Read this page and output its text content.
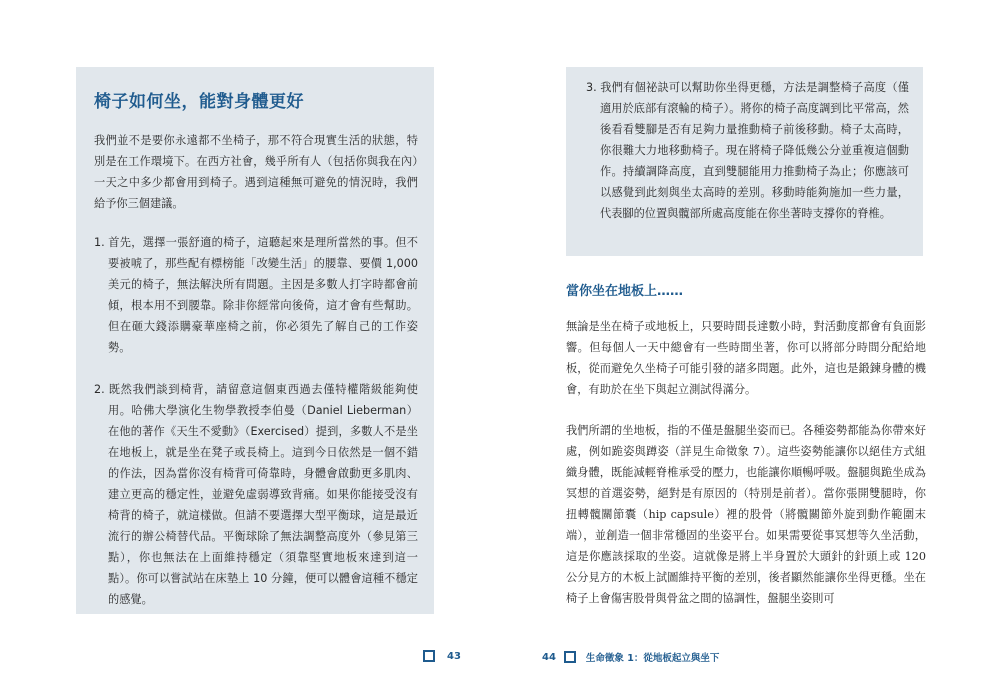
椅子如何坐，能對身體更好

我們並不是要你永遠都不坐椅子，那不符合現實生活的狀態，特別是在工作環境下。在西方社會，幾乎所有人（包括你與我在內）一天之中多少都會用到椅子。遇到這種無可避免的情況時，我們給予你三個建議。

1. 首先，選擇一張舒適的椅子，這聽起來是理所當然的事。但不要被唬了，那些配有標榜能「改變生活」的腰靠、要價 1,000 美元的椅子，無法解決所有問題。主因是多數人打字時都會前傾，根本用不到腰靠。除非你經常向後倚，這才會有些幫助。但在砸大錢添購豪華座椅之前，你必須先了解自己的工作姿勢。
2. 既然我們談到椅背，請留意這個東西過去僅特權階級能夠使用。哈佛大學演化生物學教授李伯曼（Daniel Lieberman）在他的著作《天生不愛動》（Exercised）提到，多數人不是坐在地板上，就是坐在凳子或長椅上。這到今日依然是一個不錯的作法，因為當你沒有椅背可倚靠時，身體會啟動更多肌肉、建立更高的穩定性，並避免虛弱導致背痛。如果你能接受沒有椅背的椅子，就這樣做。但請不要選擇大型平衡球，這是最近流行的辦公椅替代品。平衡球除了無法調整高度外（參見第三點），你也無法在上面維持穩定（須靠堅實地板來達到這一點）。你可以嘗試站在床墊上 10 分鐘，便可以體會這種不穩定的感覺。
43

3. 我們有個祕訣可以幫助你坐得更穩，方法是調整椅子高度（僅適用於底部有滾輪的椅子）。將你的椅子高度調到比平常高，然後看看雙腳是否有足夠力量推動椅子前後移動。椅子太高時，你很難大力地移動椅子。現在將椅子降低幾公分並重複這個動作。持續調降高度，直到雙腿能用力推動椅子為止；你應該可以感覺到此刻與坐太高時的差別。移動時能夠施加一些力量，代表腳的位置與髖部所處高度能在你坐著時支撐你的脊椎。

當你坐在地板上……

無論是坐在椅子或地板上，只要時間長達數小時，對活動度都會有負面影響。但每個人一天中總會有一些時間坐著，你可以將部分時間分配給地板，從而避免久坐椅子可能引發的諸多問題。此外，這也是鍛鍊身體的機會，有助於在坐下與起立測試得滿分。

我們所謂的坐地板，指的不僅是盤腿坐姿而已。各種姿勢都能為你帶來好處，例如跪姿與蹲姿（詳見生命徵象 7）。這些姿勢能讓你以絕佳方式組織身體，既能減輕脊椎承受的壓力，也能讓你順暢呼吸。盤腿與跪坐成為冥想的首選姿勢，絕對是有原因的（特別是前者）。當你張開雙腿時，你扭轉髖關節囊（hip capsule）裡的股骨（將髖關節外旋到動作範圍末端），並創造一個非常穩固的坐姿平台。如果需要從事冥想等久坐活動，這是你應該採取的坐姿。這就像是將上半身置於大頭針的針頭上或 120 公分見方的木板上試圖維持平衡的差別，後者顯然能讓你坐得更穩。坐在椅子上會傷害股骨與骨盆之間的協調性，盤腿坐姿則可

44	生命徵象 1：從地板起立與坐下
